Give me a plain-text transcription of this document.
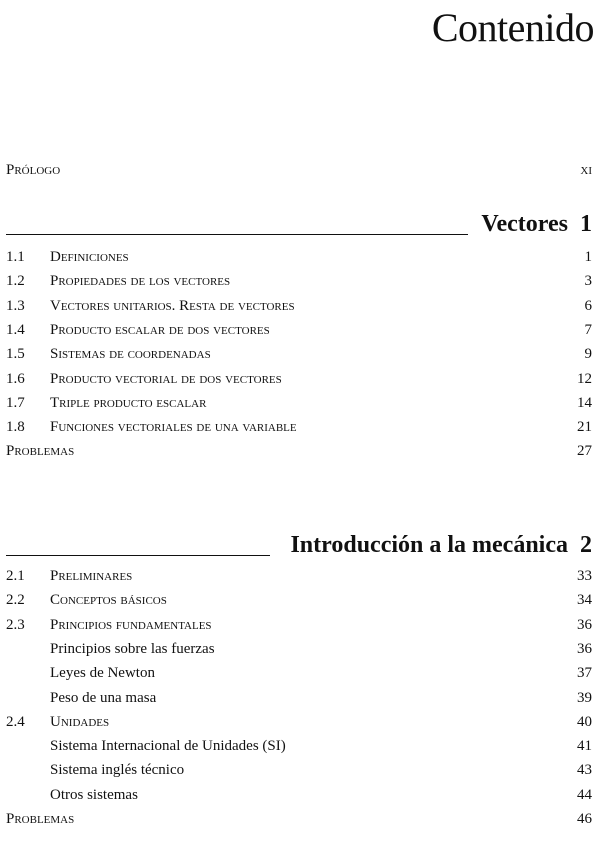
Contenido
Prólogo	xi
Vectores 1
1.1 Definiciones	1
1.2 Propiedades de los vectores	3
1.3 Vectores unitarios. Resta de vectores	6
1.4 Producto escalar de dos vectores	7
1.5 Sistemas de coordenadas	9
1.6 Producto vectorial de dos vectores	12
1.7 Triple producto escalar	14
1.8 Funciones vectoriales de una variable	21
Problemas	27
Introducción a la mecánica 2
2.1 Preliminares	33
2.2 Conceptos básicos	34
2.3 Principios fundamentales	36
Principios sobre las fuerzas	36
Leyes de Newton	37
Peso de una masa	39
2.4 Unidades	40
Sistema Internacional de Unidades (SI)	41
Sistema inglés técnico	43
Otros sistemas	44
Problemas	46
